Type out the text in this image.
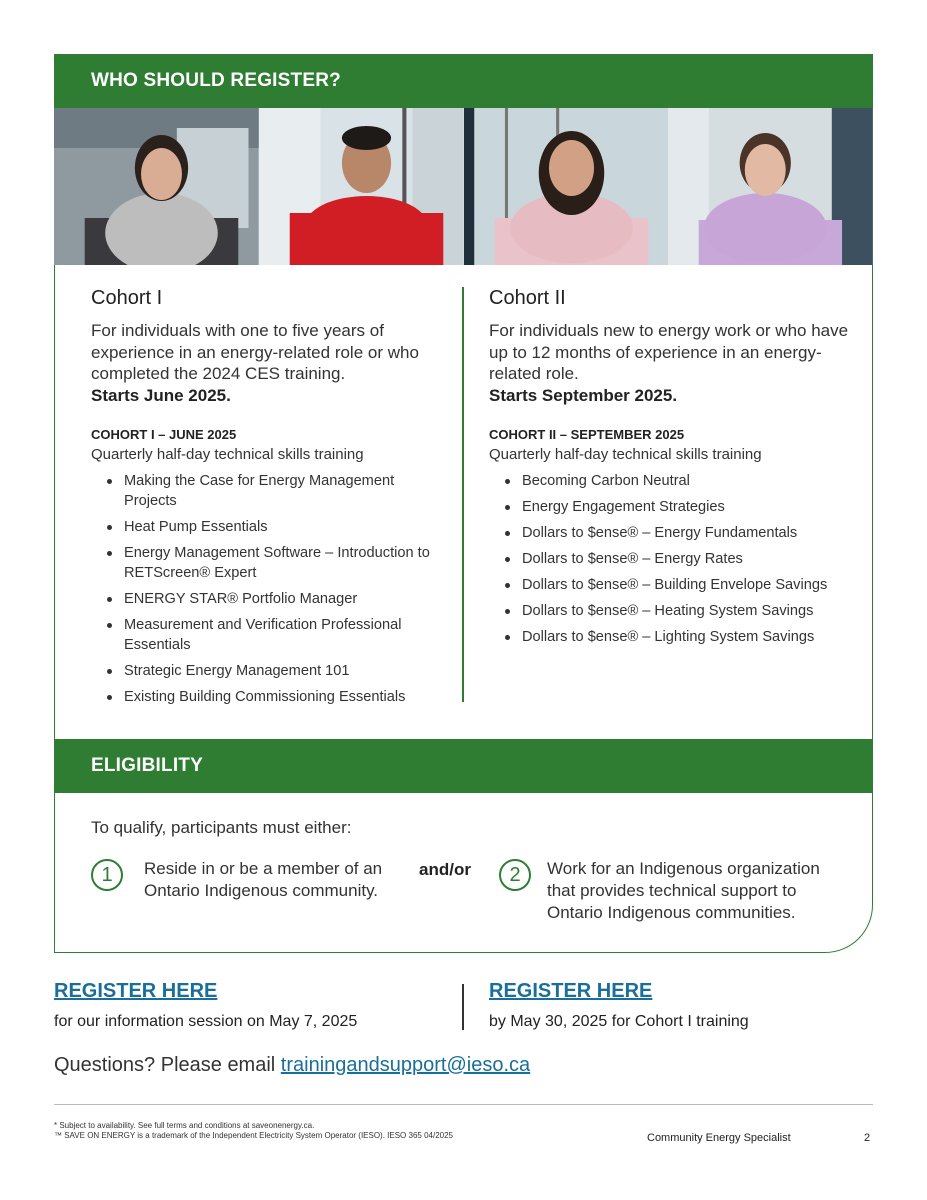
WHO SHOULD REGISTER?
Cohort I
For individuals with one to five years of experience in an energy-related role or who completed the 2024 CES training.
Starts June 2025.
COHORT I – JUNE 2025
Quarterly half-day technical skills training
Making the Case for Energy Management Projects
Heat Pump Essentials
Energy Management Software – Introduction to RETScreen® Expert
ENERGY STAR® Portfolio Manager
Measurement and Verification Professional Essentials
Strategic Energy Management 101
Existing Building Commissioning Essentials
Cohort II
For individuals new to energy work or who have up to 12 months of experience in an energy-related role.
Starts September 2025.
COHORT II – SEPTEMBER 2025
Quarterly half-day technical skills training
Becoming Carbon Neutral
Energy Engagement Strategies
Dollars to $ense® – Energy Fundamentals
Dollars to $ense® – Energy Rates
Dollars to $ense® – Building Envelope Savings
Dollars to $ense® – Heating System Savings
Dollars to $ense® – Lighting System Savings
ELIGIBILITY
To qualify, participants must either:
1	Reside in or be a member of an Ontario Indigenous community.
and/or	2	Work for an Indigenous organization that provides technical support to Ontario Indigenous communities.
REGISTER HERE
for our information session on May 7, 2025
REGISTER HERE
by May 30, 2025 for Cohort I training
Questions? Please email trainingandsupport@ieso.ca
* Subject to availability. See full terms and conditions at saveonenergy.ca.
™ SAVE ON ENERGY is a trademark of the Independent Electricity System Operator (IESO). IESO 365 04/2025	Community Energy Specialist	2
